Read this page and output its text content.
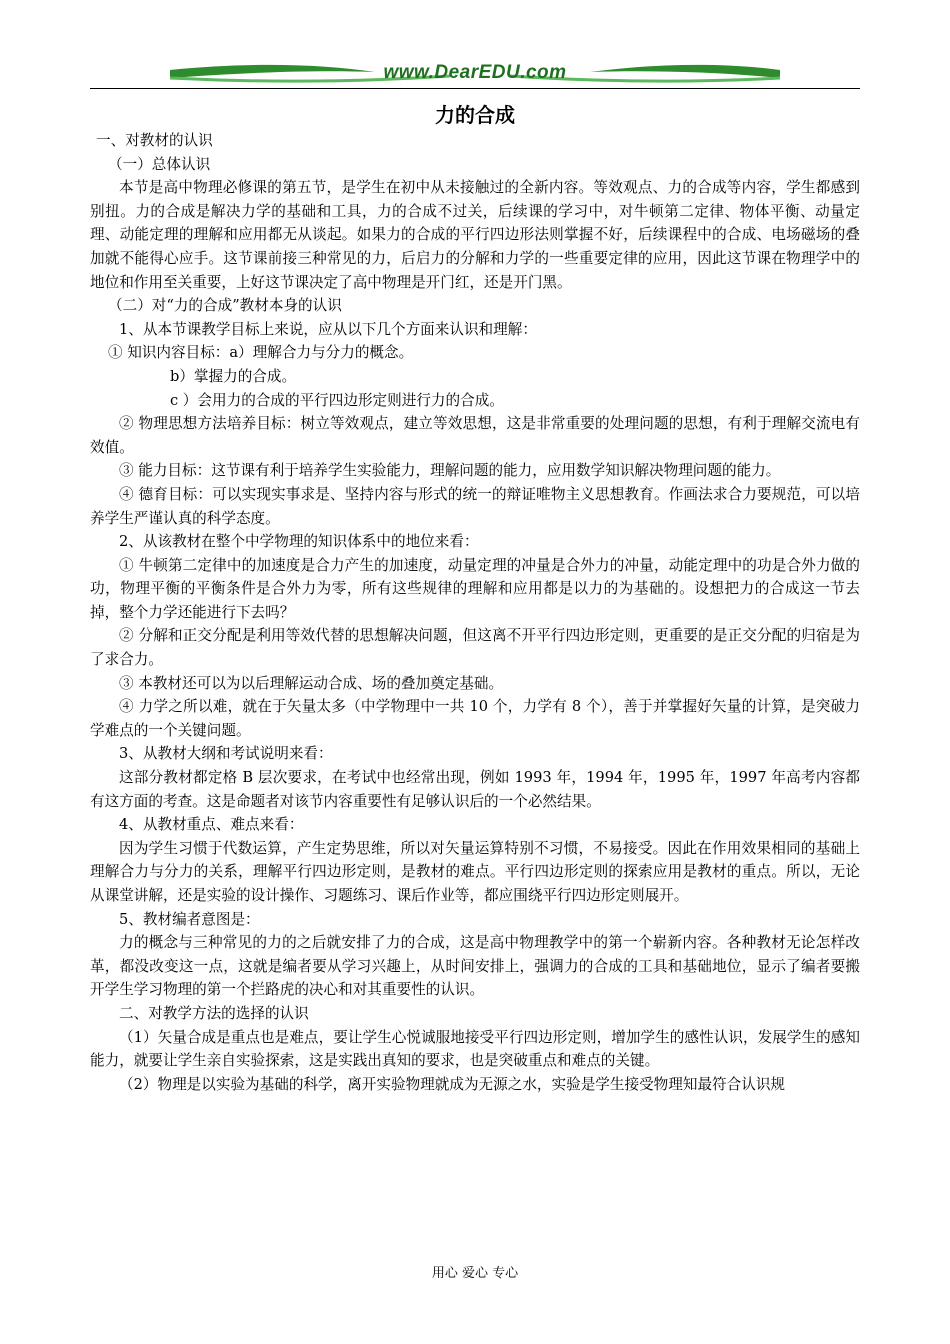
www.DearEDU.com
力的合成

一、对教材的认识

（一）总体认识

本节是高中物理必修课的第五节，是学生在初中从未接触过的全新内容。等效观点、力的合成等内容，学生都感到别扭。力的合成是解决力学的基础和工具，力的合成不过关，后续课的学习中，对牛顿第二定律、物体平衡、动量定理、动能定理的理解和应用都无从谈起。如果力的合成的平行四边形法则掌握不好，后续课程中的合成、电场磁场的叠加就不能得心应手。这节课前接三种常见的力，后启力的分解和力学的一些重要定律的应用，因此这节课在物理学中的地位和作用至关重要，上好这节课决定了高中物理是开门红，还是开门黑。

（二）对“力的合成”教材本身的认识

1、从本节课教学目标上来说，应从以下几个方面来认识和理解：

① 知识内容目标：a）理解合力与分力的概念。

b）掌握力的合成。

c ）会用力的合成的平行四边形定则进行力的合成。

② 物理思想方法培养目标：树立等效观点，建立等效思想，这是非常重要的处理问题的思想，有利于理解交流电有效值。

③ 能力目标：这节课有利于培养学生实验能力，理解问题的能力，应用数学知识解决物理问题的能力。

④ 德育目标：可以实现实事求是、坚持内容与形式的统一的辩证唯物主义思想教育。作画法求合力要规范，可以培养学生严谨认真的科学态度。

2、从该教材在整个中学物理的知识体系中的地位来看：

① 牛顿第二定律中的加速度是合力产生的加速度，动量定理的冲量是合外力的冲量，动能定理中的功是合外力做的功，物理平衡的平衡条件是合外力为零，所有这些规律的理解和应用都是以力的为基础的。设想把力的合成这一节去掉，整个力学还能进行下去吗？

② 分解和正交分配是利用等效代替的思想解决问题，但这离不开平行四边形定则，更重要的是正交分配的归宿是为了求合力。

③ 本教材还可以为以后理解运动合成、场的叠加奠定基础。

④ 力学之所以难，就在于矢量太多（中学物理中一共 10 个，力学有 8 个），善于并掌握好矢量的计算，是突破力学难点的一个关键问题。

3、从教材大纲和考试说明来看：

这部分教材都定格 B 层次要求，在考试中也经常出现，例如 1993 年，1994 年，1995 年，1997 年高考内容都有这方面的考查。这是命题者对该节内容重要性有足够认识后的一个必然结果。

4、从教材重点、难点来看：

因为学生习惯于代数运算，产生定势思维，所以对矢量运算特别不习惯，不易接受。因此在作用效果相同的基础上理解合力与分力的关系，理解平行四边形定则，是教材的难点。平行四边形定则的探索应用是教材的重点。所以，无论从课堂讲解，还是实验的设计操作、习题练习、课后作业等，都应围绕平行四边形定则展开。

5、教材编者意图是：

力的概念与三种常见的力的之后就安排了力的合成，这是高中物理教学中的第一个崭新内容。各种教材无论怎样改革，都没改变这一点，这就是编者要从学习兴趣上，从时间安排上，强调力的合成的工具和基础地位，显示了编者要搬开学生学习物理的第一个拦路虎的决心和对其重要性的认识。

二、对教学方法的选择的认识

（1）矢量合成是重点也是难点，要让学生心悦诚服地接受平行四边形定则，增加学生的感性认识，发展学生的感知能力，就要让学生亲自实验探索，这是实践出真知的要求，也是突破重点和难点的关键。

（2）物理是以实验为基础的科学，离开实验物理就成为无源之水，实验是学生接受物理知最符合认识规

用心 爱心 专心
